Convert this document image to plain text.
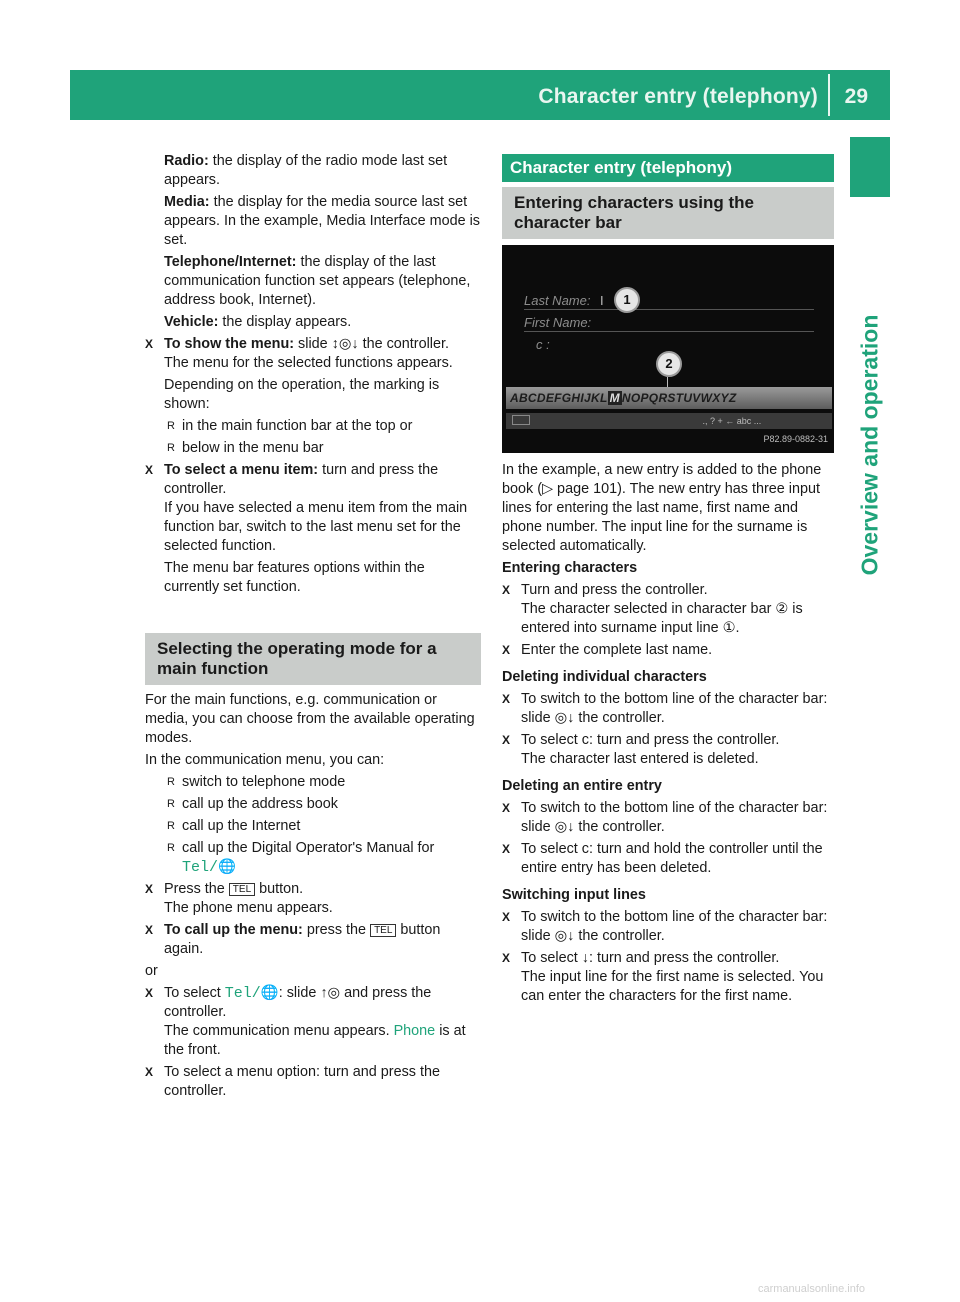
Character entry (telephony) 29
Overview and operation

Radio: the display of the radio mode last set appears.

Media: the display for the media source last set appears. In the example, Media Interface mode is set.

Telephone/Internet: the display of the last communication function set appears (telephone, address book, Internet).

Vehicle: the display appears.

X To show the menu: slide ↕◎↓ the controller.
The menu for the selected functions appears.

Depending on the operation, the marking is shown:

R in the main function bar at the top or
R below in the menu bar
X To select a menu item: turn and press the controller.
If you have selected a menu item from the main function bar, switch to the last menu set for the selected function.

The menu bar features options within the currently set function.

Selecting the operating mode for a main function

For the main functions, e.g. communication or media, you can choose from the available operating modes.

In the communication menu, you can:

R switch to telephone mode
R call up the address book
R call up the Internet
R call up the Digital Operator's Manual for
Tel/🌐
X Press the TEL button.
The phone menu appears.
X To call up the menu: press the TEL button again.

or

X To select Tel/🌐: slide ↑◎ and press the controller.
The communication menu appears. Phone is at the front.
X To select a menu option: turn and press the controller.
Character entry (telephony)
Entering characters using the character bar
Last Name: I
First Name:
c :
1
2
ABCDEFGHIJKL M NOPQRSTUVWXYZ
., ? + ← abc ...
P82.89-0882-31

In the example, a new entry is added to the phone book (▷ page 101). The new entry has three input lines for entering the last name, first name and phone number. The input line for the surname is selected automatically.

Entering characters

X Turn and press the controller.
The character selected in character bar ② is entered into surname input line ①.
X Enter the complete last name.

Deleting individual characters

X To switch to the bottom line of the character bar: slide ◎↓ the controller.
X To select c: turn and press the controller.
The character last entered is deleted.

Deleting an entire entry

X To switch to the bottom line of the character bar: slide ◎↓ the controller.
X To select c: turn and hold the controller until the entire entry has been deleted.

Switching input lines

X To switch to the bottom line of the character bar: slide ◎↓ the controller.
X To select ↓: turn and press the controller.
The input line for the first name is selected. You can enter the characters for the first name.
carmanualsonline.info
